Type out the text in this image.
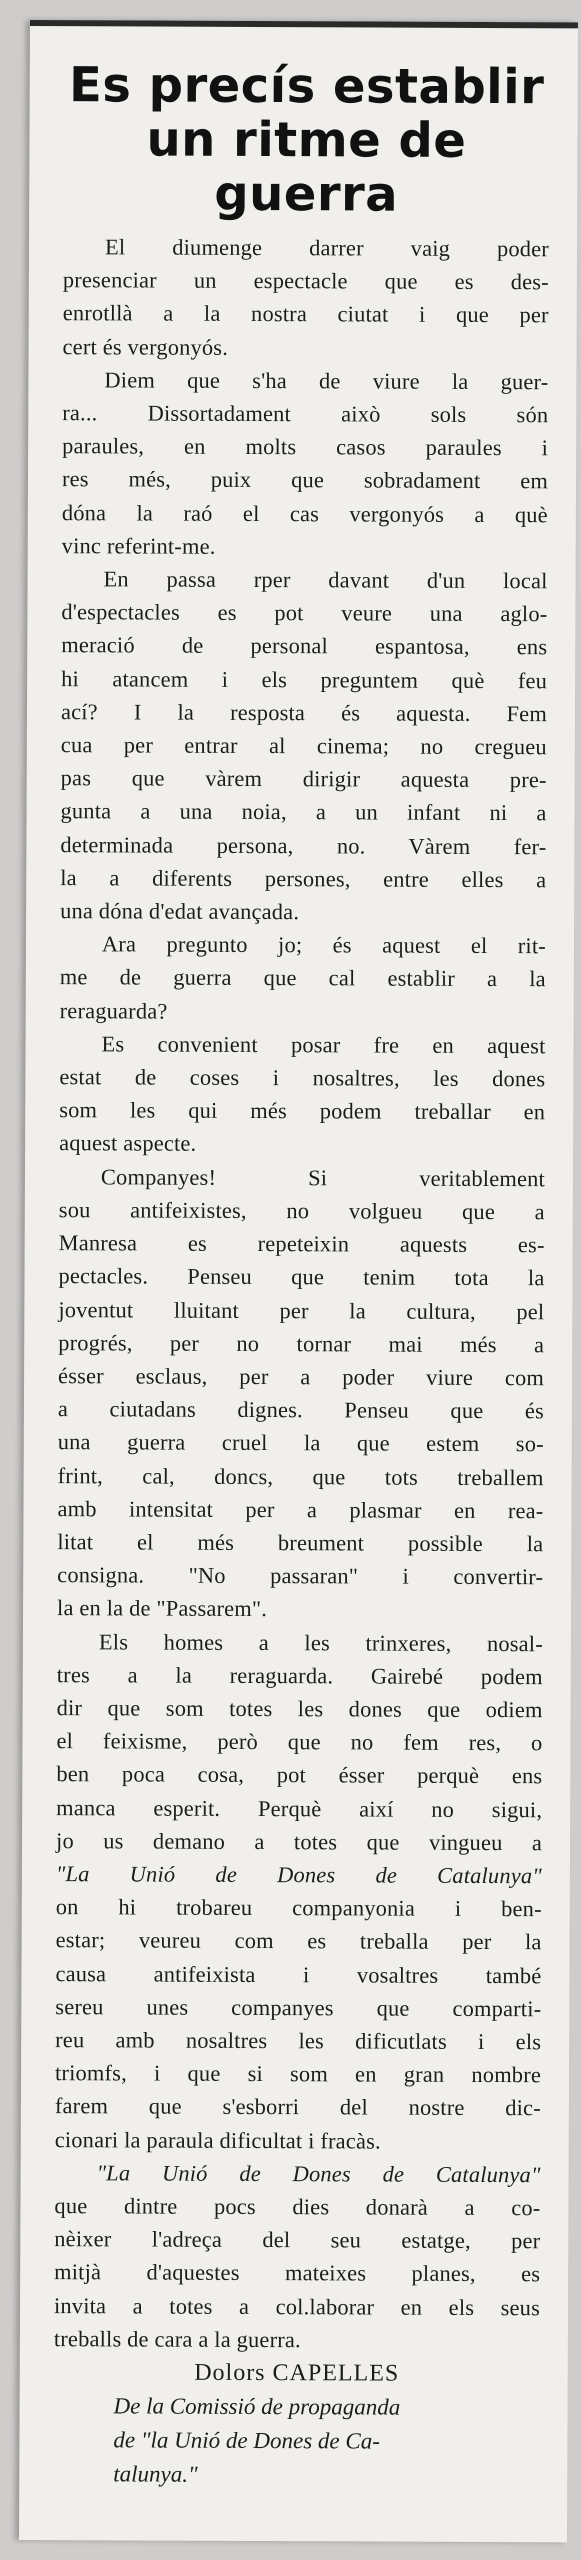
Es precís establir
un ritme de
guerra

El diumenge darrer vaig poder
presenciar un espectacle que es des-
enrotllà a la nostra ciutat i que per
cert és vergonyós.

Diem que s'ha de viure la guer-
ra... Dissortadament això sols són
paraules, en molts casos paraules i
res més, puix que sobradament em
dóna la raó el cas vergonyós a què
vinc referint-me.

En passa rper davant d'un local
d'espectacles es pot veure una aglo-
meració de personal espantosa, ens
hi atancem i els preguntem què feu
ací? I la resposta és aquesta. Fem
cua per entrar al cinema; no cregueu
pas que vàrem dirigir aquesta pre-
gunta a una noia, a un infant ni a
determinada persona, no. Vàrem fer-
la a diferents persones, entre elles a
una dóna d'edat avançada.

Ara pregunto jo; és aquest el rit-
me de guerra que cal establir a la
reraguarda?

Es convenient posar fre en aquest
estat de coses i nosaltres, les dones
som les qui més podem treballar en
aquest aspecte.

Companyes! Si veritablement
sou antifeixistes, no volgueu que a
Manresa es repeteixin aquests es-
pectacles. Penseu que tenim tota la
joventut lluitant per la cultura, pel
progrés, per no tornar mai més a
ésser esclaus, per a poder viure com
a ciutadans dignes. Penseu que és
una guerra cruel la que estem so-
frint, cal, doncs, que tots treballem
amb intensitat per a plasmar en rea-
litat el més breument possible la
consigna. "No passaran" i convertir-
la en la de "Passarem".

Els homes a les trinxeres, nosal-
tres a la reraguarda. Gairebé podem
dir que som totes les dones que odiem
el feixisme, però que no fem res, o
ben poca cosa, pot ésser perquè ens
manca esperit. Perquè així no sigui,
jo us demano a totes que vingueu a
"La Unió de Dones de Catalunya"
on hi trobareu companyonia i ben-
estar; veureu com es treballa per la
causa antifeixista i vosaltres també
sereu unes companyes que comparti-
reu amb nosaltres les dificutlats i els
triomfs, i que si som en gran nombre
farem que s'esborri del nostre dic-
cionari la paraula dificultat i fracàs.

"La Unió de Dones de Catalunya"
que dintre pocs dies donarà a co-
nèixer l'adreça del seu estatge, per
mitjà d'aquestes mateixes planes, es
invita a totes a col.laborar en els seus
treballs de cara a la guerra.

Dolors CAPELLES
De la Comissió de propaganda
de "la Unió de Dones de Ca-
talunya."
